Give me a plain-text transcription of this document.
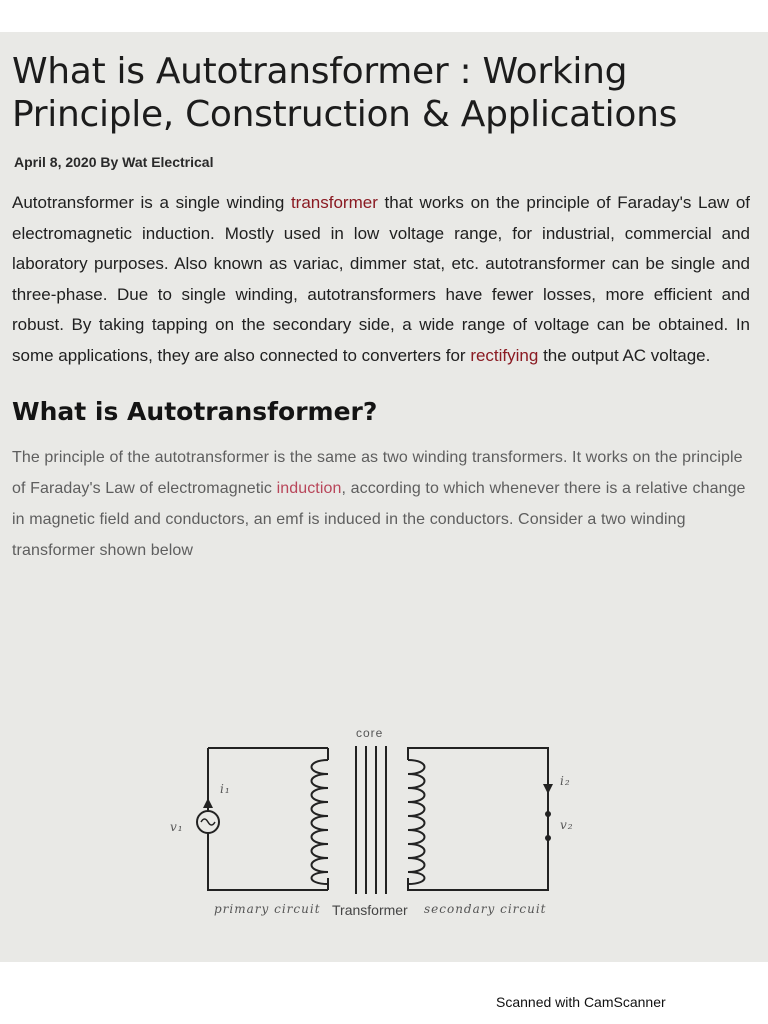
What is Autotransformer : Working Principle, Construction & Applications
April 8, 2020 By Wat Electrical

Autotransformer is a single winding transformer that works on the principle of Faraday's Law of electromagnetic induction. Mostly used in low voltage range, for industrial, commercial and laboratory purposes. Also known as variac, dimmer stat, etc. autotransformer can be single and three-phase. Due to single winding, autotransformers have fewer losses, more efficient and robust. By taking tapping on the secondary side, a wide range of voltage can be obtained. In some applications, they are also connected to converters for rectifying the output AC voltage.

What is Autotransformer?

The principle of the autotransformer is the same as two winding transformers. It works on the principle of Faraday's Law of electromagnetic induction, according to which whenever there is a relative change in magnetic field and conductors, an emf is induced in the conductors. Consider a two winding transformer shown below

core
i₁
v₁
i₂
v₂
primary circuit	secondary circuit
Transformer
Scanned with CamScanner
